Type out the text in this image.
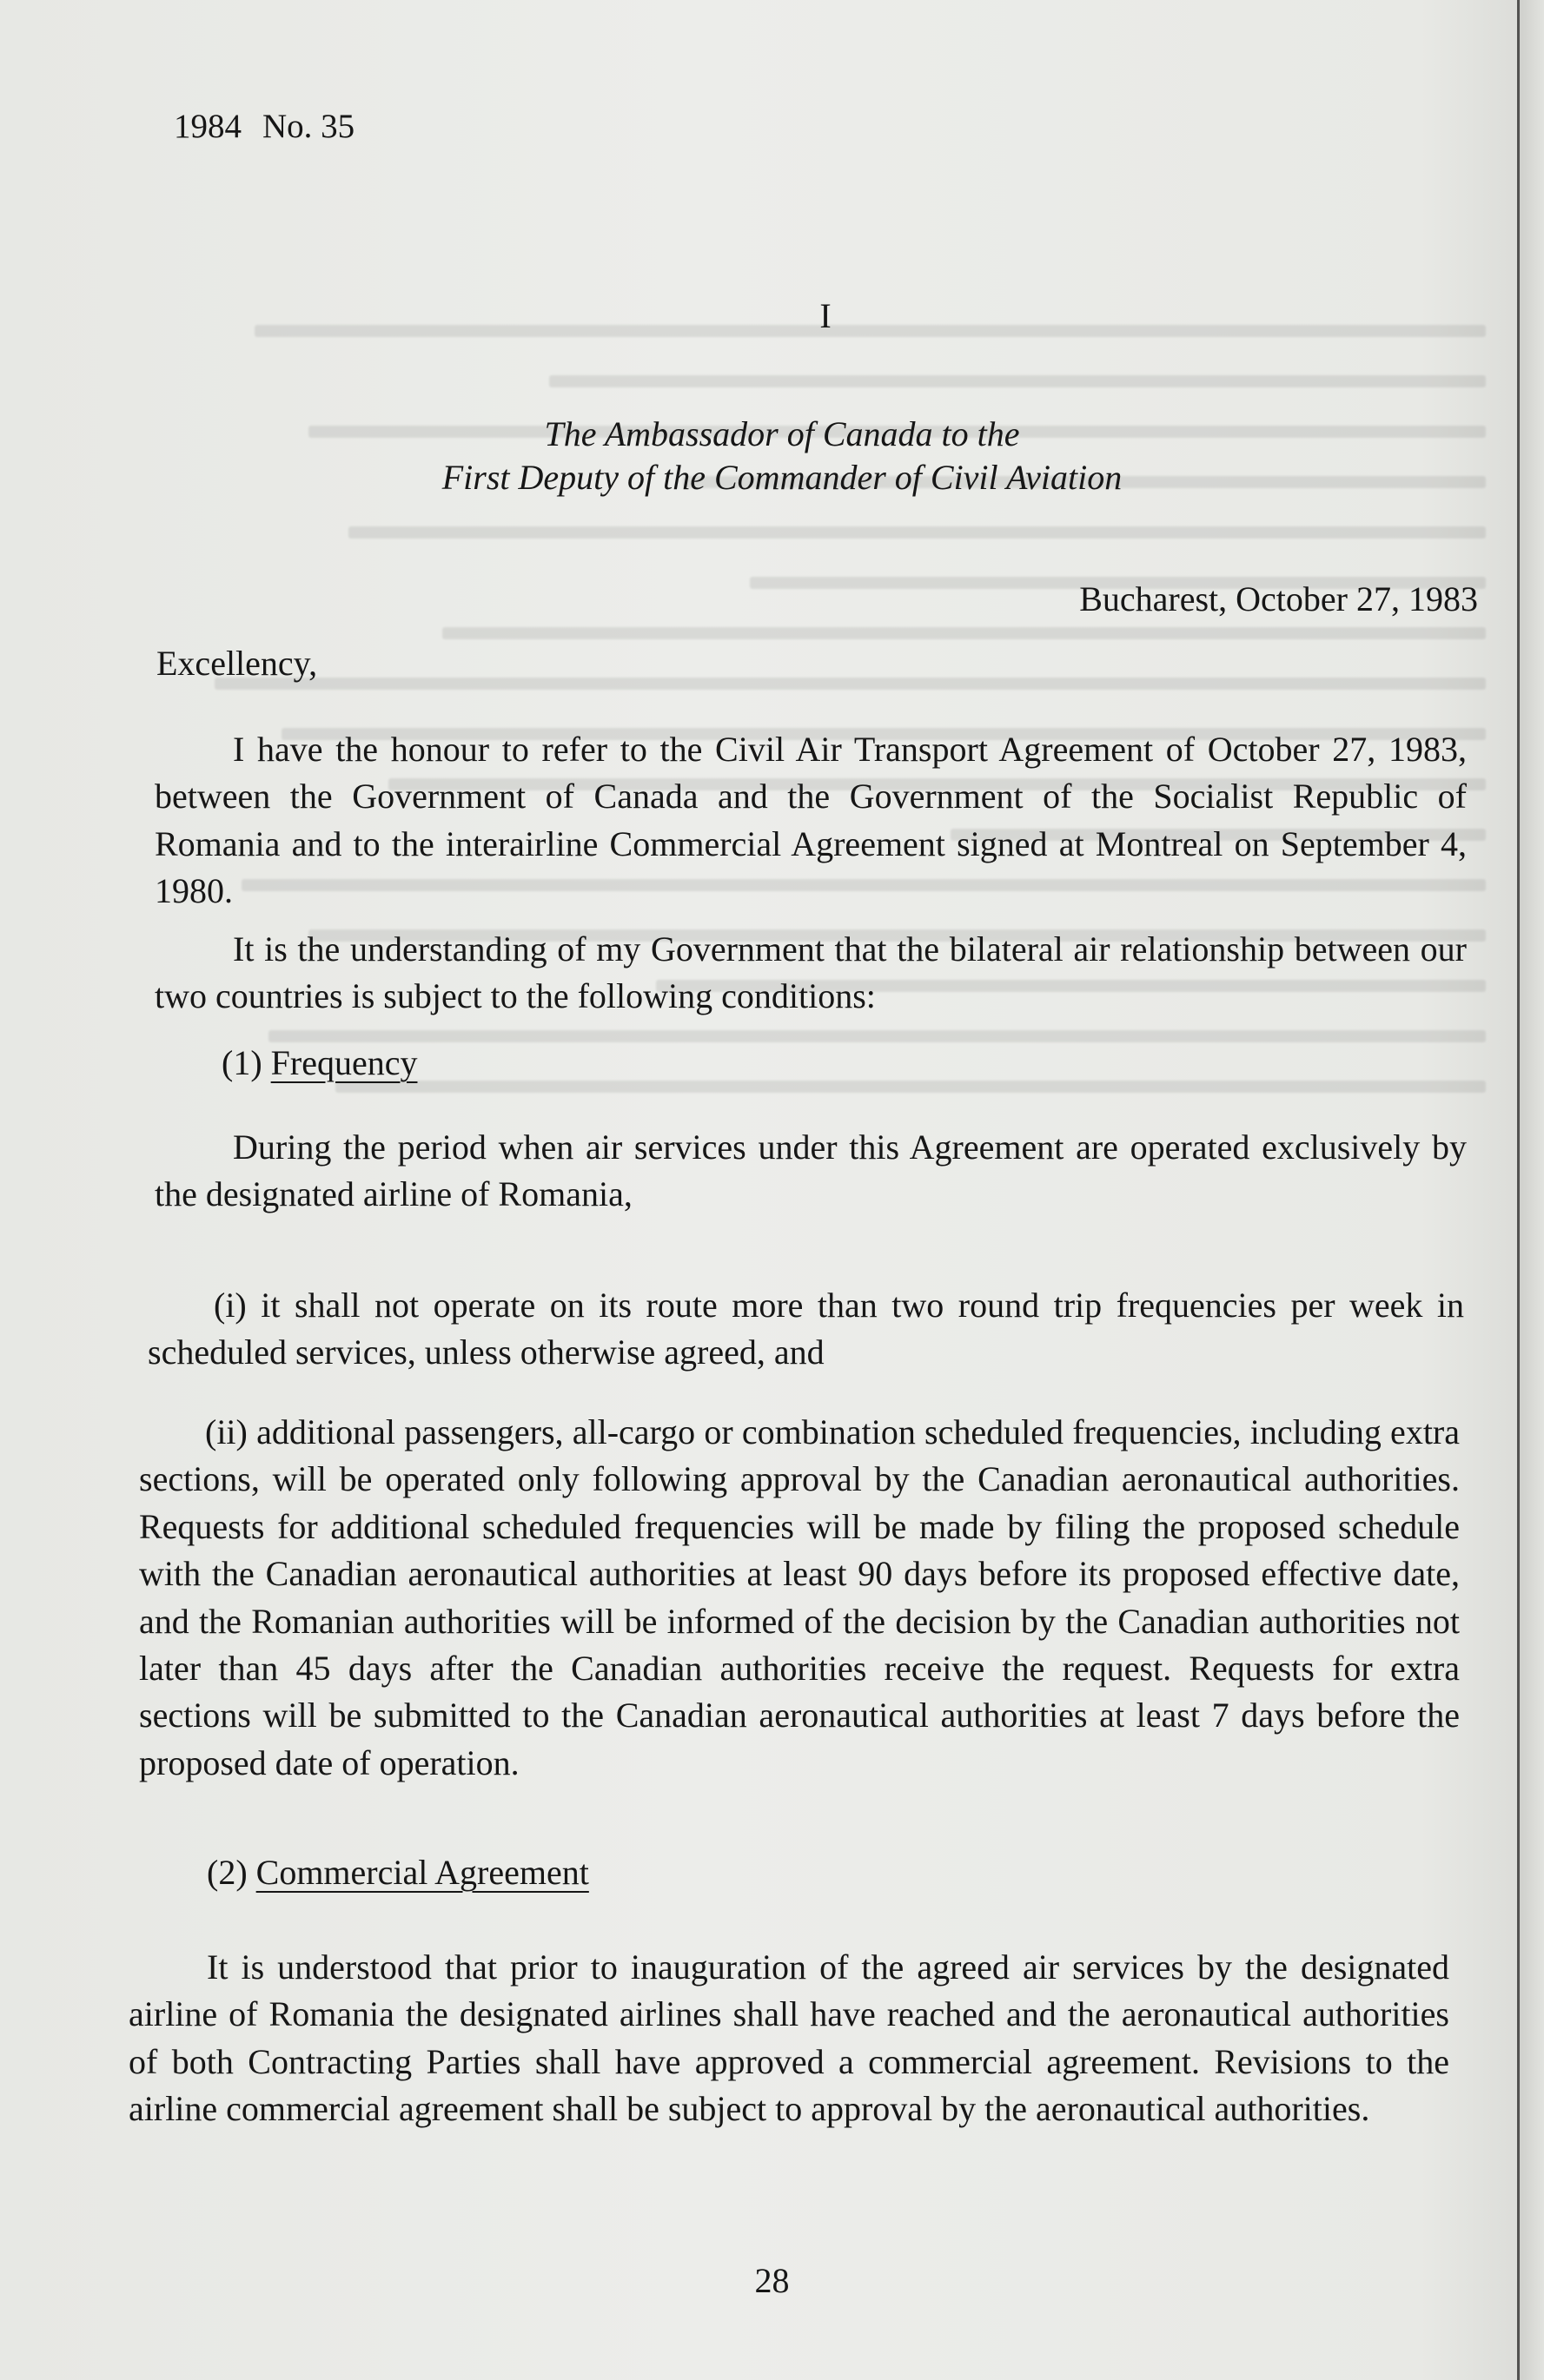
1984 No. 35
I
The Ambassador of Canada to the
First Deputy of the Commander of Civil Aviation
Bucharest, October 27, 1983
Excellency,
I have the honour to refer to the Civil Air Transport Agreement of October 27, 1983, between the Government of Canada and the Government of the Socialist Republic of Romania and to the interairline Commercial Agreement signed at Montreal on September 4, 1980.
It is the understanding of my Government that the bilateral air relationship between our two countries is subject to the following conditions:
(1) Frequency
During the period when air services under this Agreement are operated exclusively by the designated airline of Romania,
(i) it shall not operate on its route more than two round trip frequencies per week in scheduled services, unless otherwise agreed, and
(ii) additional passengers, all-cargo or combination scheduled frequencies, including extra sections, will be operated only following approval by the Canadian aeronautical authorities. Requests for additional scheduled frequencies will be made by filing the proposed schedule with the Canadian aeronautical authorities at least 90 days before its proposed effective date, and the Romanian authorities will be informed of the decision by the Canadian authorities not later than 45 days after the Canadian authorities receive the request. Requests for extra sections will be submitted to the Canadian aeronautical authorities at least 7 days before the proposed date of operation.
(2) Commercial Agreement
It is understood that prior to inauguration of the agreed air services by the designated airline of Romania the designated airlines shall have reached and the aeronautical authorities of both Contracting Parties shall have approved a commercial agreement. Revisions to the airline commercial agreement shall be subject to approval by the aeronautical authorities.
28
